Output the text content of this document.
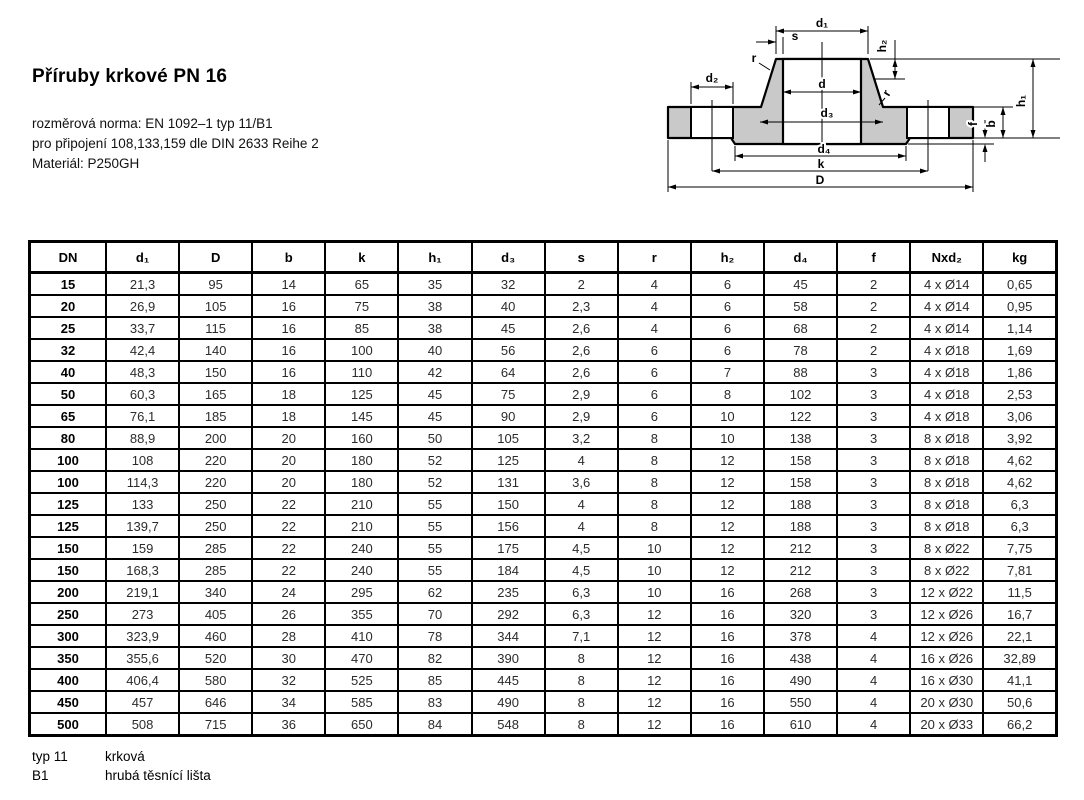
Příruby krkové PN 16

rozměrová norma: EN 1092–1 typ 11/B1

pro připojení 108,133,159 dle DIN 2633 Reihe 2

Materiál: P250GH

d₁
s
h₂
r
r
d₂	d
d₃
d₄
k
D
h₁
b
f
DN	d₁	D	b	k	h₁	d₃	s	r	h₂	d₄	f	Nxd₂	kg
15	21,3	95	14	65	35	32	2	4	6	45	2	4 x Ø14	0,65
20	26,9	105	16	75	38	40	2,3	4	6	58	2	4 x Ø14	0,95
25	33,7	115	16	85	38	45	2,6	4	6	68	2	4 x Ø14	1,14
32	42,4	140	16	100	40	56	2,6	6	6	78	2	4 x Ø18	1,69
40	48,3	150	16	110	42	64	2,6	6	7	88	3	4 x Ø18	1,86
50	60,3	165	18	125	45	75	2,9	6	8	102	3	4 x Ø18	2,53
65	76,1	185	18	145	45	90	2,9	6	10	122	3	4 x Ø18	3,06
80	88,9	200	20	160	50	105	3,2	8	10	138	3	8 x Ø18	3,92
100	108	220	20	180	52	125	4	8	12	158	3	8 x Ø18	4,62
100	114,3	220	20	180	52	131	3,6	8	12	158	3	8 x Ø18	4,62
125	133	250	22	210	55	150	4	8	12	188	3	8 x Ø18	6,3
125	139,7	250	22	210	55	156	4	8	12	188	3	8 x Ø18	6,3
150	159	285	22	240	55	175	4,5	10	12	212	3	8 x Ø22	7,75
150	168,3	285	22	240	55	184	4,5	10	12	212	3	8 x Ø22	7,81
200	219,1	340	24	295	62	235	6,3	10	16	268	3	12 x Ø22	11,5
250	273	405	26	355	70	292	6,3	12	16	320	3	12 x Ø26	16,7
300	323,9	460	28	410	78	344	7,1	12	16	378	4	12 x Ø26	22,1
350	355,6	520	30	470	82	390	8	12	16	438	4	16 x Ø26	32,89
400	406,4	580	32	525	85	445	8	12	16	490	4	16 x Ø30	41,1
450	457	646	34	585	83	490	8	12	16	550	4	20 x Ø30	50,6
500	508	715	36	650	84	548	8	12	16	610	4	20 x Ø33	66,2
typ 11	krková
B1	hrubá těsnící lišta
